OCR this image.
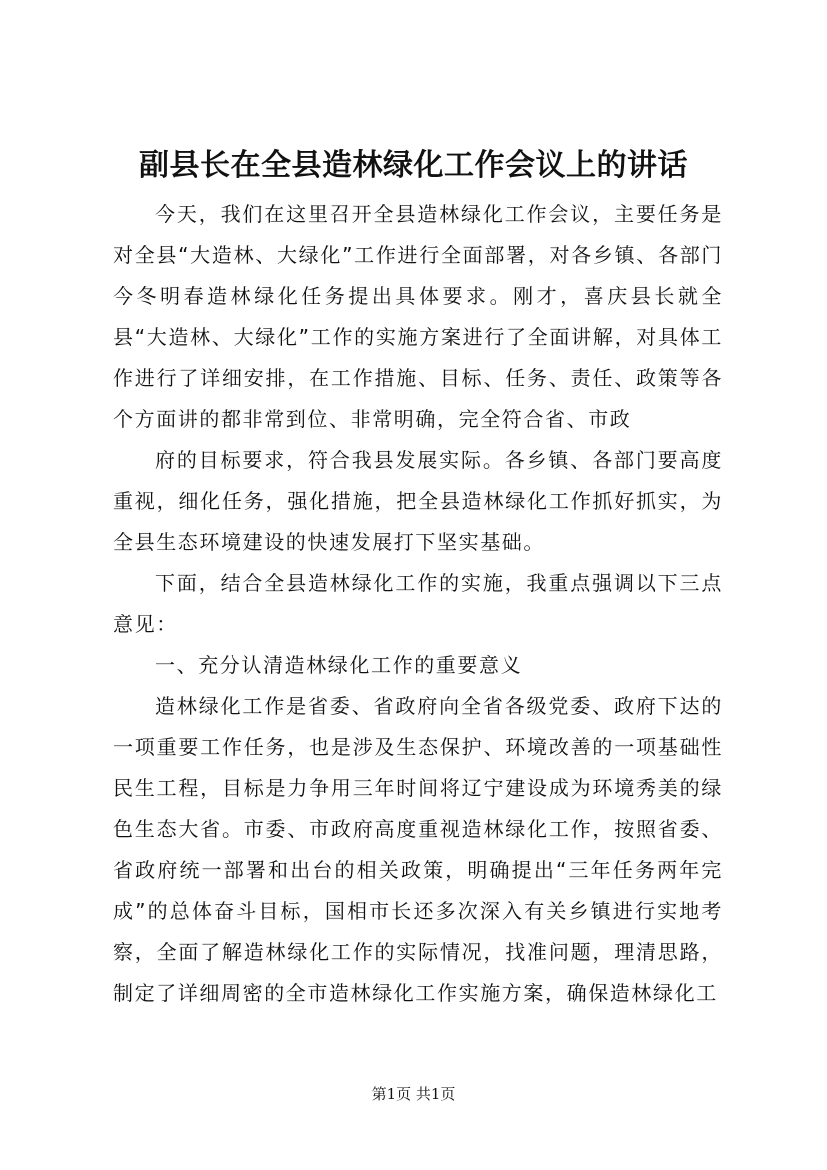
副县长在全县造林绿化工作会议上的讲话

今天，我们在这里召开全县造林绿化工作会议，主要任务是对全县“大造林、大绿化”工作进行全面部署，对各乡镇、各部门今冬明春造林绿化任务提出具体要求。刚才，喜庆县长就全县“大造林、大绿化”工作的实施方案进行了全面讲解，对具体工作进行了详细安排，在工作措施、目标、任务、责任、政策等各个方面讲的都非常到位、非常明确，完全符合省、市政

府的目标要求，符合我县发展实际。各乡镇、各部门要高度重视，细化任务，强化措施，把全县造林绿化工作抓好抓实，为全县生态环境建设的快速发展打下坚实基础。

下面，结合全县造林绿化工作的实施，我重点强调以下三点意见：

一、充分认清造林绿化工作的重要意义

造林绿化工作是省委、省政府向全省各级党委、政府下达的一项重要工作任务，也是涉及生态保护、环境改善的一项基础性民生工程，目标是力争用三年时间将辽宁建设成为环境秀美的绿色生态大省。市委、市政府高度重视造林绿化工作，按照省委、省政府统一部署和出台的相关政策，明确提出“三年任务两年完成”的总体奋斗目标，国相市长还多次深入有关乡镇进行实地考察，全面了解造林绿化工作的实际情况，找准问题，理清思路，制定了详细周密的全市造林绿化工作实施方案，确保造林绿化工

第1页 共1页
